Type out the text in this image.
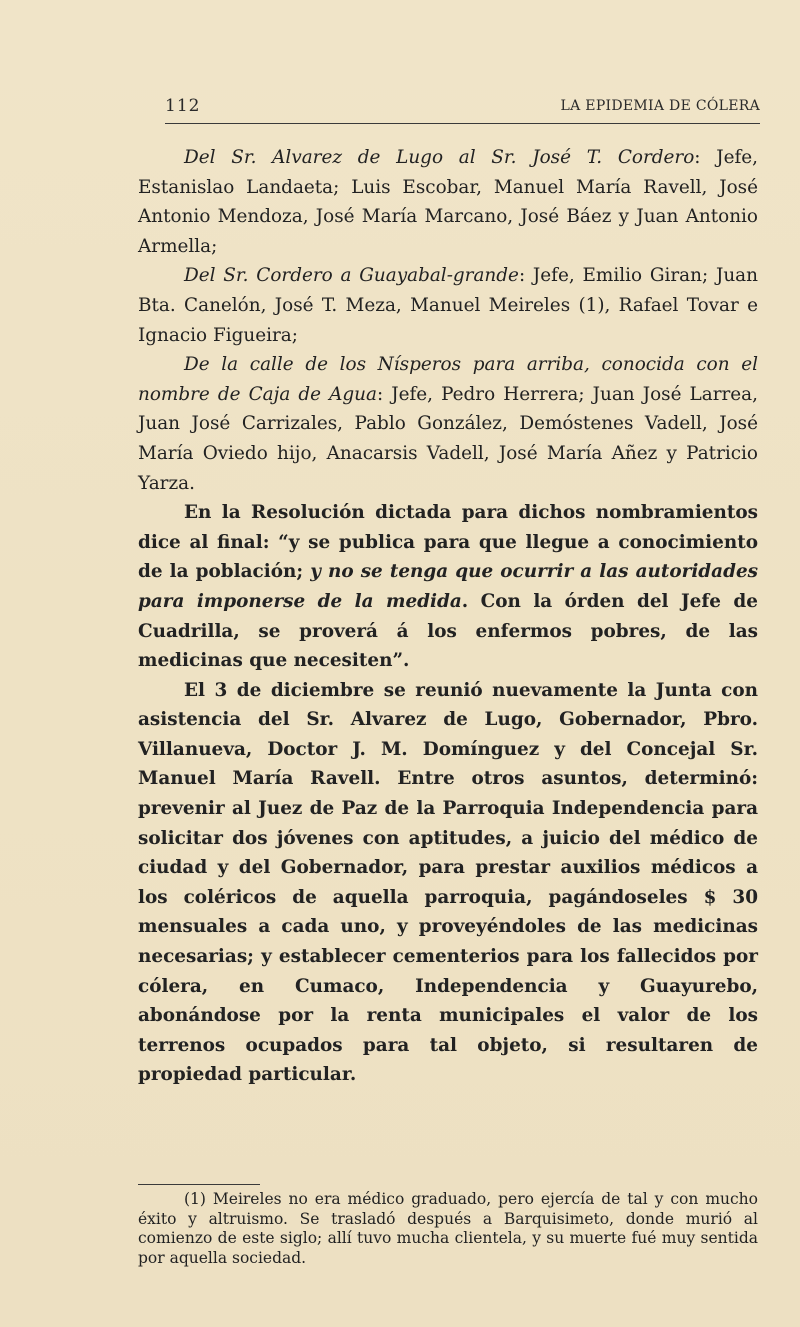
112	LA EPIDEMIA DE CÓLERA

Del Sr. Alvarez de Lugo al Sr. José T. Cordero: Jefe, Estanislao Landaeta; Luis Escobar, Manuel María Ravell, José Antonio Mendoza, José María Marcano, José Báez y Juan Antonio Armella;

Del Sr. Cordero a Guayabal-grande: Jefe, Emilio Giran; Juan Bta. Canelón, José T. Meza, Manuel Meireles (1), Rafael Tovar e Ignacio Figueira;

De la calle de los Nísperos para arriba, conocida con el nombre de Caja de Agua: Jefe, Pedro Herrera; Juan José Larrea, Juan José Carrizales, Pablo González, Demóstenes Vadell, José María Oviedo hijo, Anacarsis Vadell, José María Añez y Patricio Yarza.

En la Resolución dictada para dichos nombramientos dice al final: “y se publica para que llegue a conocimiento de la población; y no se tenga que ocurrir a las autoridades para imponerse de la medida. Con la órden del Jefe de Cuadrilla, se proverá á los enfermos pobres, de las medicinas que necesiten”.

El 3 de diciembre se reunió nuevamente la Junta con asistencia del Sr. Alvarez de Lugo, Gobernador, Pbro. Villanueva, Doctor J. M. Domínguez y del Concejal Sr. Manuel María Ravell. Entre otros asuntos, determinó: prevenir al Juez de Paz de la Parroquia Independencia para solicitar dos jóvenes con aptitudes, a juicio del médico de ciudad y del Gobernador, para prestar auxilios médicos a los coléricos de aquella parroquia, pagándoseles $ 30 mensuales a cada uno, y proveyéndoles de las medicinas necesarias; y establecer cementerios para los fallecidos por cólera, en Cumaco, Independencia y Guayurebo, abonándose por la renta municipales el valor de los terrenos ocupados para tal objeto, si resultaren de propiedad particular.

(1) Meireles no era médico graduado, pero ejercía de tal y con mucho éxito y altruismo. Se trasladó después a Barquisimeto, donde murió al comienzo de este siglo; allí tuvo mucha clientela, y su muerte fué muy sentida por aquella sociedad.
